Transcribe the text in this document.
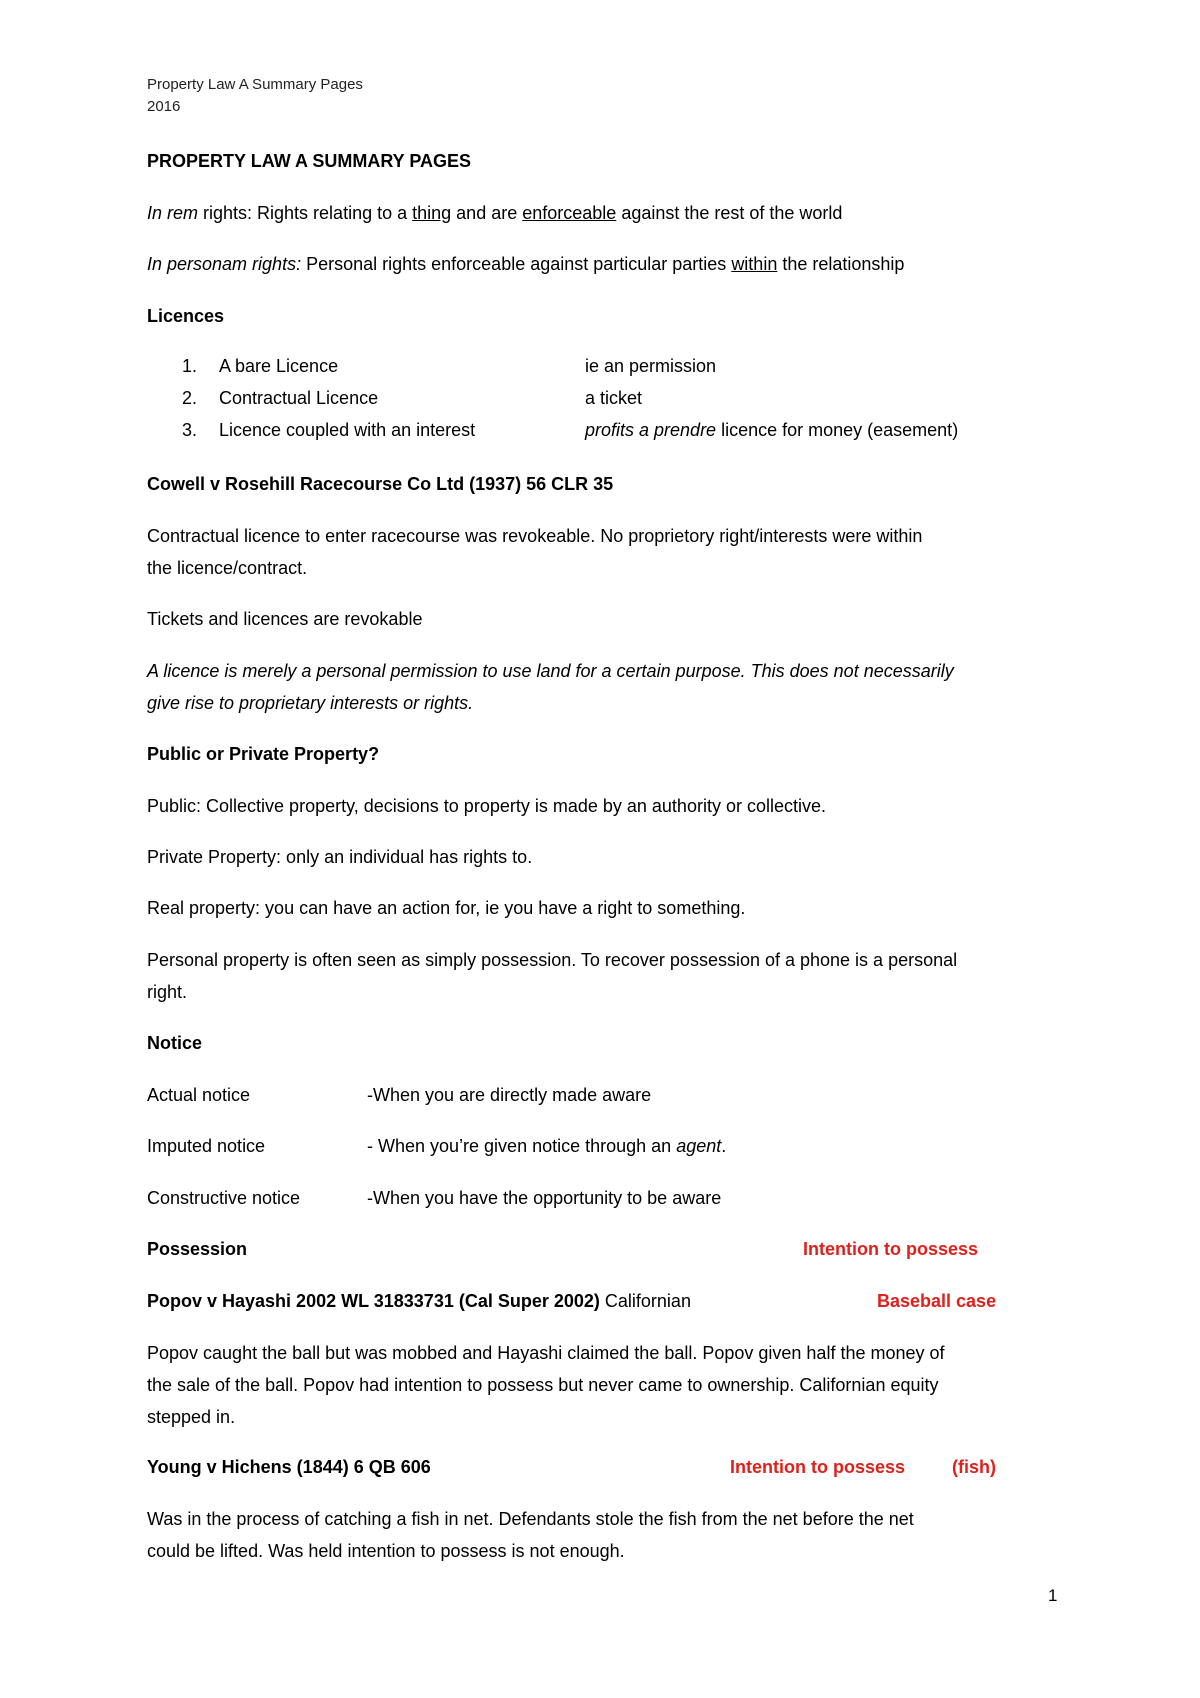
Property Law A Summary Pages
2016

PROPERTY LAW A SUMMARY PAGES

In rem rights: Rights relating to a thing and are enforceable against the rest of the world

In personam rights: Personal rights enforceable against particular parties within the relationship

Licences

1. A bare Licence	ie an permission
2. Contractual Licence	a ticket
3. Licence coupled with an interest	profits a prendre licence for money (easement)

Cowell v Rosehill Racecourse Co Ltd (1937) 56 CLR 35

Contractual licence to enter racecourse was revokeable. No proprietory right/interests were within

the licence/contract.

Tickets and licences are revokable

A licence is merely a personal permission to use land for a certain purpose. This does not necessarily

give rise to proprietary interests or rights.

Public or Private Property?

Public: Collective property, decisions to property is made by an authority or collective.

Private Property: only an individual has rights to.

Real property: you can have an action for, ie you have a right to something.

Personal property is often seen as simply possession. To recover possession of a phone is a personal

right.

Notice

Actual notice	-When you are directly made aware
Imputed notice	- When you’re given notice through an agent.
Constructive notice	-When you have the opportunity to be aware
Possession	Intention to possess
Popov v Hayashi 2002 WL 31833731 (Cal Super 2002) Californian	Baseball case

Popov caught the ball but was mobbed and Hayashi claimed the ball. Popov given half the money of

the sale of the ball. Popov had intention to possess but never came to ownership. Californian equity

stepped in.

Young v Hichens (1844) 6 QB 606	Intention to possess	(fish)

Was in the process of catching a fish in net. Defendants stole the fish from the net before the net

could be lifted. Was held intention to possess is not enough.

1
